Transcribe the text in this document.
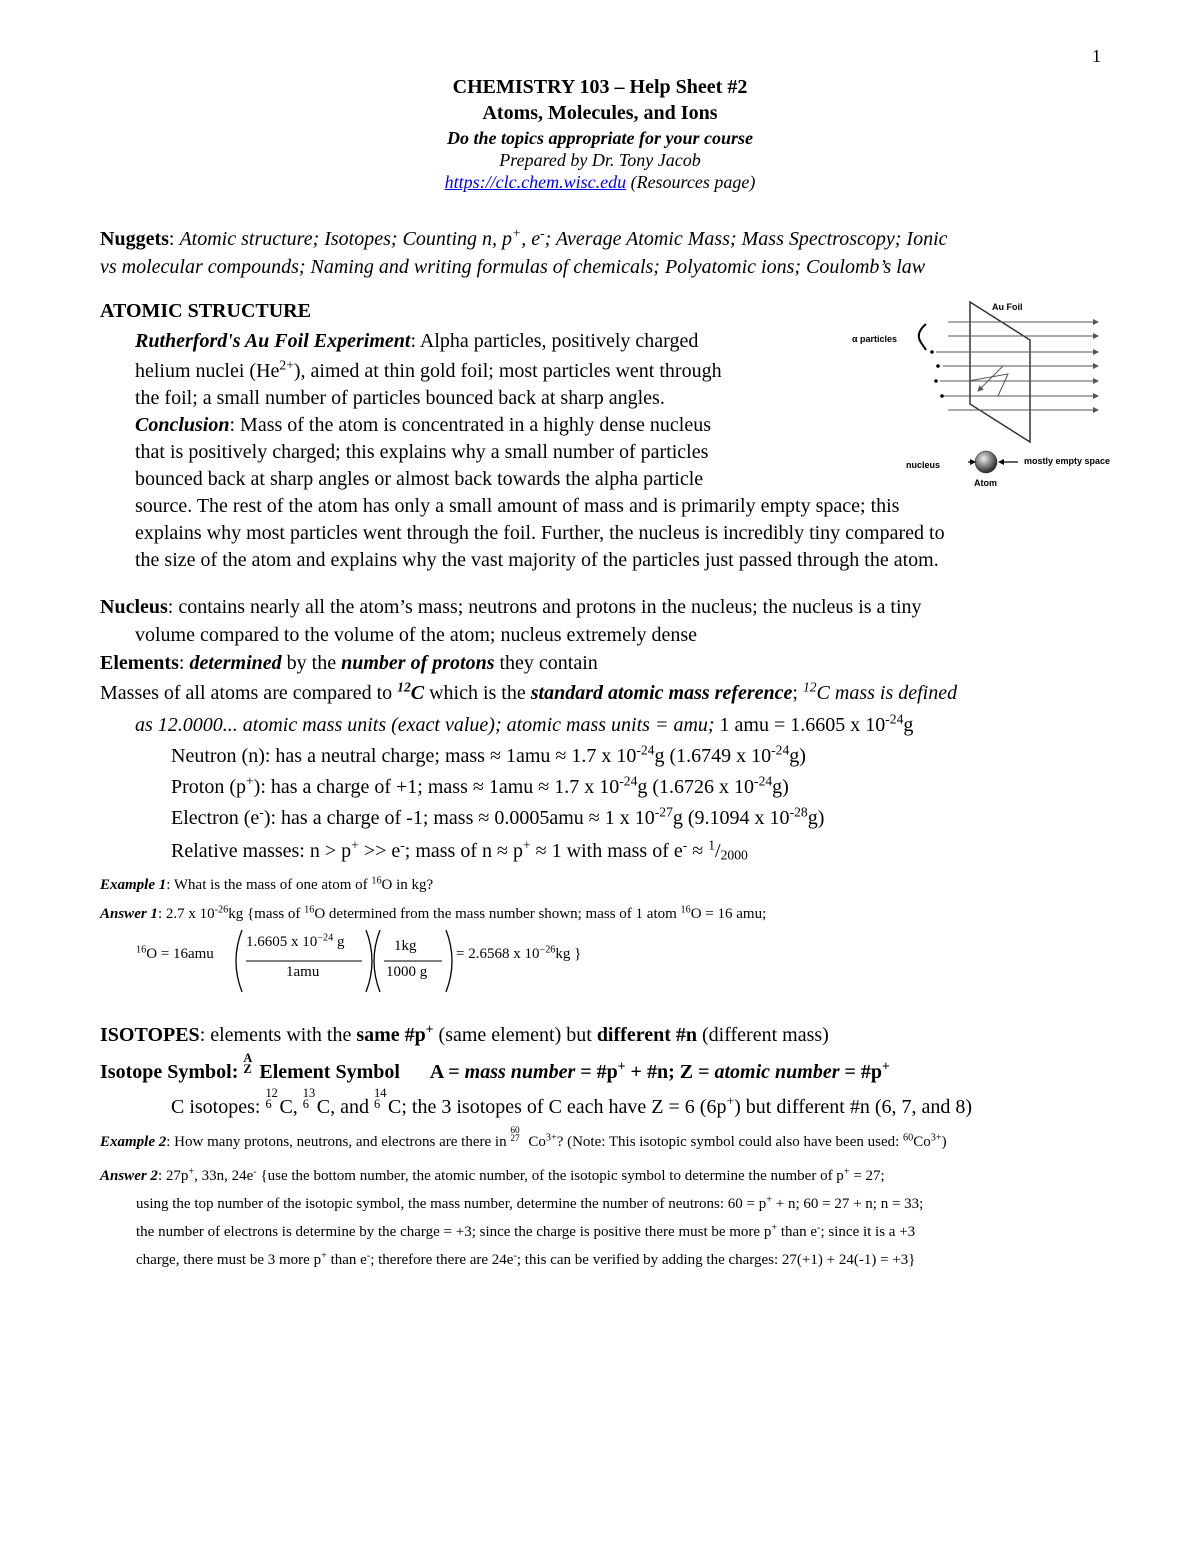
1
CHEMISTRY 103 – Help Sheet #2
Atoms, Molecules, and Ions
Do the topics appropriate for your course
Prepared by Dr. Tony Jacob
https://clc.chem.wisc.edu (Resources page)
Nuggets: Atomic structure; Isotopes; Counting n, p+, e-; Average Atomic Mass; Mass Spectroscopy; Ionic
vs molecular compounds; Naming and writing formulas of chemicals; Polyatomic ions; Coulomb’s law
ATOMIC STRUCTURE
Rutherford's Au Foil Experiment: Alpha particles, positively charged
helium nuclei $(He^{2+})$, aimed at thin gold foil; most particles went through
the foil; a small number of particles bounced back at sharp angles.
Conclusion: Mass of the atom is concentrated in a highly dense nucleus
that is positively charged; this explains why a small number of particles
bounced back at sharp angles or almost back towards the alpha particle
source. The rest of the atom has only a small amount of mass and is primarily empty space; this
explains why most particles went through the foil. Further, the nucleus is incredibly tiny compared to
the size of the atom and explains why the vast majority of the particles just passed through the atom.
Au Foil
α particles
nucleus	mostly empty space
Atom
Nucleus: contains nearly all the atom’s mass; neutrons and protons in the nucleus; the nucleus is a tiny
volume compared to the volume of the atom; nucleus extremely dense
Elements: determined by the number of protons they contain
Masses of all atoms are compared to $^{12}$C which is the standard atomic mass reference; $^{12}$C mass is defined
as 12.0000... atomic mass units (exact value); atomic mass units = amu; 1 amu = 1.6605 x $10^{-24}g$
Neutron (n): has a neutral charge; mass ≈ 1amu ≈ 1.7 x $10^{-24}g$ (1.6749 x $10^{-24}g$)
Proton (p+): has a charge of +1; mass ≈ 1amu ≈ 1.7 x $10^{-24}g$ (1.6726 x $10^{-24}g$)
Electron (e-): has a charge of -1; mass ≈ 0.0005amu ≈ 1 x $10^{-27}g$ (9.1094 x $10^{-28}g$)
Relative masses: n > p+ >> e-; mass of n ≈ p+ ≈ 1 with mass of $e^- \approx ^1/_{2000}$
Example 1: What is the mass of one atom of $^{16}$O in kg?
Answer 1: 2.7 x $10^{-26}kg$ {mass of $^{16}$O determined from the mass number shown; mass of 1 atom $^{16}$O = 16 amu;
$^{16}$O = 16amu
1.6605 x $10^{-24}$ g
1amu
1kg
1000 g
= 2.6568 x $10^{-26}kg$ }
ISOTOPES: elements with the same #p+ (same element) but different #n (different mass)
Isotope Symbol:
A
Z Element Symbol A = mass number = #p+ + #n; Z = atomic number = #p+
C isotopes:
12
6 C,
13
6 C, and
14
6 C; the 3 isotopes of C each have Z = 6 (6p+) but different #n (6, 7, and 8)
Example 2: How many protons, neutrons, and electrons are there in
60
27 $Co^{3+}$? (Note: This isotopic symbol could also have been used: $^{60}Co^{3+}$)
Answer 2: 27p+, 33n, 24e- {use the bottom number, the atomic number, of the isotopic symbol to determine the number of p+ = 27;
using the top number of the isotopic symbol, the mass number, determine the number of neutrons: 60 = p+ + n; 60 = 27 + n; n = 33;
the number of electrons is determine by the charge = +3; since the charge is positive there must be more p+ than e-; since it is a +3
charge, there must be 3 more p+ than e-; therefore there are 24e-; this can be verified by adding the charges: 27(+1) + 24(-1) = +3}
